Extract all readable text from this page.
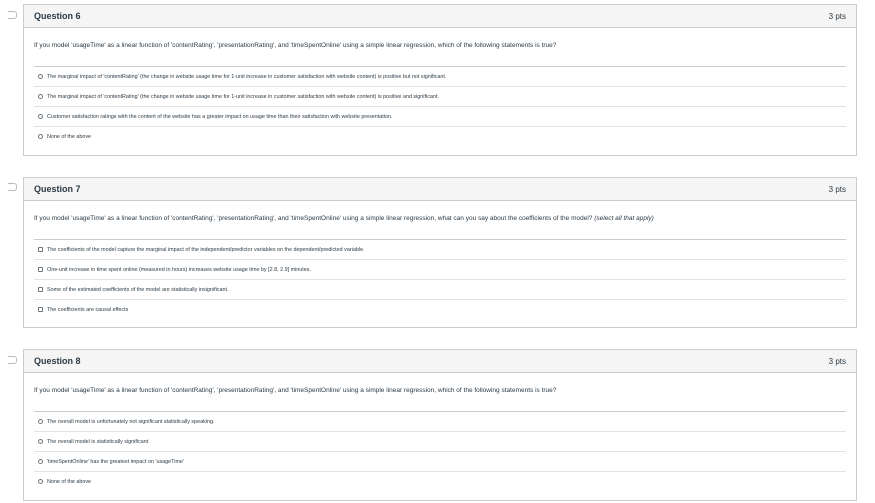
Question 6	3 pts

If you model 'usageTime' as a linear function of 'contentRating', 'presentationRating', and 'timeSpentOnline' using a simple linear regression, which of the following statements is true?

The marginal impact of 'contentRating' (the change in website usage time for 1-unit increase in customer satisfaction with website content) is positive but not significant.
The marginal impact of 'contentRating' (the change in website usage time for 1-unit increase in customer satisfaction with website content) is positive and significant.
Customer satisfaction ratings with the content of the website has a greater impact on usage time than their satisfaction with website presentation.
None of the above
Question 7	3 pts

If you model 'usageTime' as a linear function of 'contentRating', 'presentationRating', and 'timeSpentOnline' using a simple linear regression, what can you say about the coefficients of the model? (select all that apply)

The coefficients of the model capture the marginal impact of the independent/predictor variables on the dependent/predicted variable.
One-unit increase in time spent online (measured in hours) increases website usage time by [2.8, 2.9] minutes.
Some of the estimated coefficients of the model are statistically insignificant.
The coefficients are causal effects
Question 8	3 pts

If you model 'usageTime' as a linear function of 'contentRating', 'presentationRating', and 'timeSpentOnline' using a simple linear regression, which of the following statements is true?

The overall model is unfortunately not significant statistically speaking.
The overall model is statistically significant
'timeSpentOnline' has the greatest impact on 'usageTime'
None of the above
